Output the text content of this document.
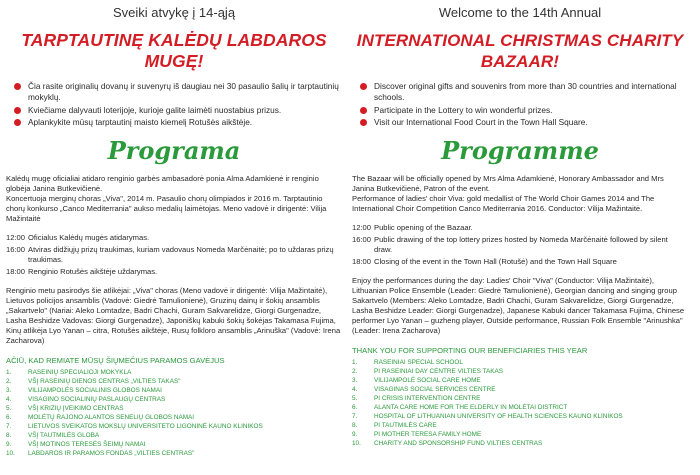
Sveiki atvykę į 14-ąją
TARPTAUTINĘ KALĖDŲ LABDAROS MUGĘ!
Čia rasite originalių dovanų ir suvenyrų iš daugiau nei 30 pasaulio šalių ir tarptautinių mokyklų.
Kviečiame dalyvauti loterijoje, kurioje galite laimėti nuostabius prizus.
Aplankykite mūsų tarptautinį maisto kiemelį Rotušės aikštėje.
Programa

Kalėdų mugę oficialiai atidaro renginio garbės ambasadorė ponia Alma Adamkienė ir renginio globėja Janina Butkevičienė.

Koncertuoja merginų choras „Viva", 2014 m. Pasaulio chorų olimpiados ir 2016 m. Tarptautinio chorų konkurso „Canco Mediterrania" aukso medalių laimėtojas. Meno vadovė ir dirigentė: Vilija Mažintaitė

12:00 Oficialus Kalėdų mugės atidarymas.
16:00 Atviras didžiųjų prizų traukimas, kuriam vadovaus Nomeda Marčėnaitė; po to uždaras prizų traukimas.
18:00 Renginio Rotušės aikštėje uždarymas.

Renginio metu pasirodys šie atlikėjai: „Viva" choras (Meno vadovė ir dirigentė: Vilija Mažintaitė), Lietuvos policijos ansamblis (Vadovė: Giedrė Tamulionienė), Gruzinų dainų ir šokių ansamblis „Sakartvelo" (Nariai: Aleko Lomtadze, Badri Chachi, Guram Sakvarelidze, Giorgi Gurgenadze, Lasha Beshidze Vadovas: Giorgi Gurgenadze), Japoniškų kabuki šokių šokėjas Takamasa Fujima, Kinų atlikėja Lyo Yanan – citra, Rotušės aikštėje, Rusų folkloro ansamblis „Arinuška" (Vadovė: Irena Zacharova)

AČIŪ, KAD REMIATE MŪSŲ ŠIŲMEČIUS PARAMOS GAVĖJUS
1.	RASEINIŲ SPECIALIOJI MOKYKLA
2.	VŠĮ RASEINIŲ DIENOS CENTRAS „VILTIES TAKAS"
3.	VILIJAMPOLĖS SOCIALINIS GLOBOS NAMAI
4.	VISAGINO SOCIALINIŲ PASLAUGŲ CENTRAS
5.	VŠĮ KRIZIŲ ĮVEIKIMO CENTRAS
6.	MOLĖTŲ RAJONO ALANTOS SENELIŲ GLOBOS NAMAI
7.	LIETUVOS SVEIKATOS MOKSLŲ UNIVERSITETO LIGONINĖ KAUNO KLINIKOS
8.	VŠĮ TAUTMILĖS GLOBA
9.	VŠĮ MOTINOS TERESĖS ŠEIMŲ NAMAI
10.	LABDAROS IR PARAMOS FONDAS „VILTIES CENTRAS"
Welcome to the 14th Annual
INTERNATIONAL CHRISTMAS CHARITY BAZAAR!
Discover original gifts and souvenirs from more than 30 countries and international schools.
Participate in the Lottery to win wonderful prizes.
Visit our International Food Court in the Town Hall Square.
Programme

The Bazaar will be officially opened by Mrs Alma Adamkienė, Honorary Ambassador and Mrs Janina Butkevičienė, Patron of the event.

Performance of ladies' choir Viva: gold medallist of The World Choir Games 2014 and The International Choir Competition Canco Mediterrania 2016. Conductor: Vilija Mažintaitė.

12:00 Public opening of the Bazaar.
16:00 Public drawing of the top lottery prizes hosted by Nomeda Marčėnaitė followed by silent draw.
18:00 Closing of the event in the Town Hall (Rotušė) and the Town Hall Square

Enjoy the performances during the day: Ladies' Choir "Viva" (Conductor: Vilija Mažintaitė), Lithuanian Police Ensemble (Leader: Giedrė Tamulionienė), Georgian dancing and singing group Sakartvelo (Members: Aleko Lomtadze, Badri Chachi, Guram Sakvarelidze, Giorgi Gurgenadze, Lasha Beshidze Leader: Giorgi Gurgenadze), Japanese Kabuki dancer Takamasa Fujima, Chinese performer Lyo Yanan – guzheng player, Outside performance, Russian Folk Ensemble "Arinushka" (Leader: Irena Zacharova)

THANK YOU FOR SUPPORTING OUR BENEFICIARIES THIS YEAR
1.	RASEINIAI SPECIAL SCHOOL
2.	PI RASEINIAI DAY CENTRE VILTIES TAKAS
3.	VILIJAMPOLĖ SOCIAL CARE HOME
4.	VISAGINAS SOCIAL SERVICES CENTRE
5.	PI CRISIS INTERVENTION CENTRE
6.	ALANTA CARE HOME FOR THE ELDERLY IN MOLĖTAI DISTRICT
7.	HOSPITAL OF LITHUANIAN UNIVERSITY OF HEALTH SCIENCES KAUNO KLINIKOS
8.	PI TAUTMILĖS CARE
9.	PI MOTHER TERESA FAMILY HOME
10.	CHARITY AND SPONSORSHIP FUND VILTIES CENTRAS
